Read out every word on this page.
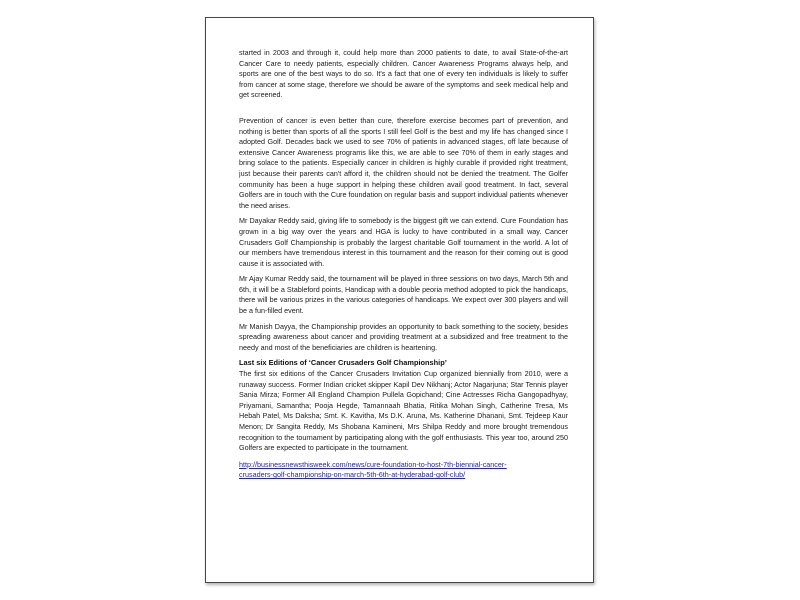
started in 2003 and through it, could help more than 2000 patients to date, to avail State-of-the-art Cancer Care to needy patients, especially children. Cancer Awareness Programs always help, and sports are one of the best ways to do so. It's a fact that one of every ten individuals is likely to suffer from cancer at some stage, therefore we should be aware of the symptoms and seek medical help and get screened.

Prevention of cancer is even better than cure, therefore exercise becomes part of prevention, and nothing is better than sports of all the sports I still feel Golf is the best and my life has changed since I adopted Golf. Decades back we used to see 70% of patients in advanced stages, off late because of extensive Cancer Awareness programs like this, we are able to see 70% of them in early stages and bring solace to the patients. Especially cancer in children is highly curable if provided right treatment, just because their parents can't afford it, the children should not be denied the treatment. The Golfer community has been a huge support in helping these children avail good treatment. In fact, several Golfers are in touch with the Cure foundation on regular basis and support individual patients whenever the need arises.

Mr Dayakar Reddy said, giving life to somebody is the biggest gift we can extend. Cure Foundation has grown in a big way over the years and HGA is lucky to have contributed in a small way. Cancer Crusaders Golf Championship is probably the largest charitable Golf tournament in the world. A lot of our members have tremendous interest in this tournament and the reason for their coming out is good cause it is associated with.

Mr Ajay Kumar Reddy said, the tournament will be played in three sessions on two days, March 5th and 6th, it will be a Stableford points, Handicap with a double peoria method adopted to pick the handicaps, there will be various prizes in the various categories of handicaps. We expect over 300 players and will be a fun-filled event.

Mr Manish Dayya, the Championship provides an opportunity to back something to the society, besides spreading awareness about cancer and providing treatment at a subsidized and free treatment to the needy and most of the beneficiaries are children is heartening.

Last six Editions of ‘Cancer Crusaders Golf Championship’

The first six editions of the Cancer Crusaders Invitation Cup organized biennially from 2010, were a runaway success. Former Indian cricket skipper Kapil Dev Nikhanj; Actor Nagarjuna; Star Tennis player Sania Mirza; Former All England Champion Pullela Gopichand; Cine Actresses Richa Gangopadhyay, Priyamani, Samantha; Pooja Hegde, Tamannaah Bhatia, Ritika Mohan Singh, Catherine Tresa, Ms Hebah Patel, Ms Daksha; Smt. K. Kavitha, Ms D.K. Aruna, Ms. Katherine Dhanani, Smt. Tejdeep Kaur Menon; Dr Sangita Reddy, Ms Shobana Kamineni, Mrs Shilpa Reddy and more brought tremendous recognition to the tournament by participating along with the golf enthusiasts. This year too, around 250 Golfers are expected to participate in the tournament.

http://businessnewsthisweek.com/news/cure-foundation-to-host-7th-biennial-cancer-
crusaders-golf-championship-on-march-5th-6th-at-hyderabad-golf-club/
